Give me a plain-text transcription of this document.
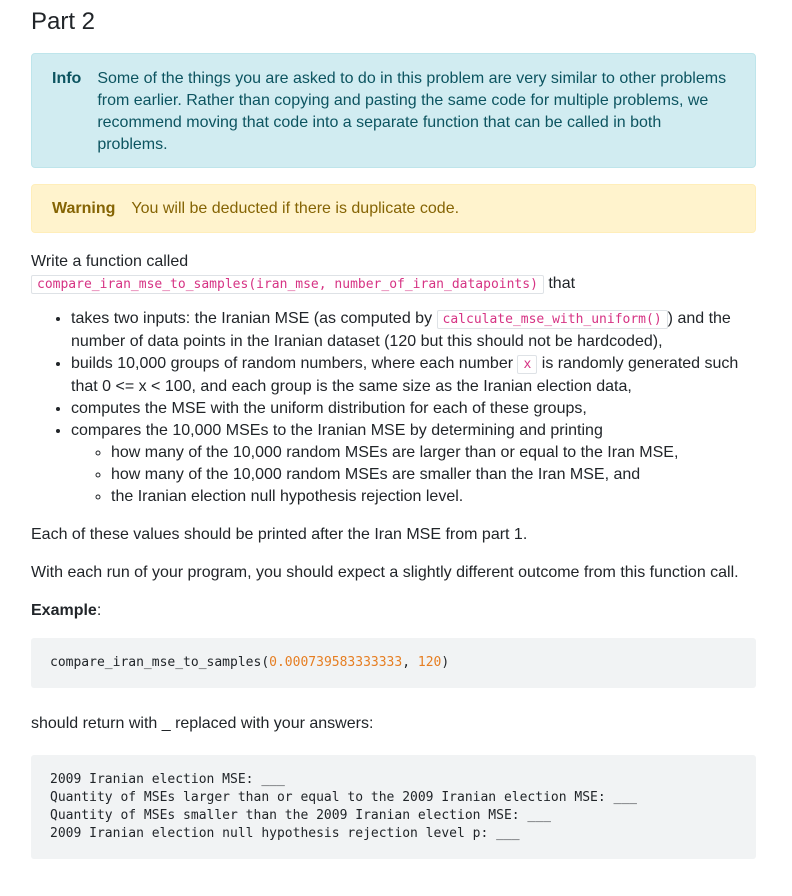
Part 2
Info Some of the things you are asked to do in this problem are very similar to other problems from earlier. Rather than copying and pasting the same code for multiple problems, we recommend moving that code into a separate function that can be called in both problems.
Warning You will be deducted if there is duplicate code.

Write a function called
compare_iran_mse_to_samples(iran_mse, number_of_iran_datapoints) that

• takes two inputs: the Iranian MSE (as computed by calculate_mse_with_uniform() ) and the number of data points in the Iranian dataset (120 but this should not be hardcoded),
• builds 10,000 groups of random numbers, where each number x is randomly generated such that 0 <= x < 100, and each group is the same size as the Iranian election data,
• computes the MSE with the uniform distribution for each of these groups,
• compares the 10,000 MSEs to the Iranian MSE by determining and printing
◦ how many of the 10,000 random MSEs are larger than or equal to the Iran MSE,
◦ how many of the 10,000 random MSEs are smaller than the Iran MSE, and
◦ the Iranian election null hypothesis rejection level.

Each of these values should be printed after the Iran MSE from part 1.

With each run of your program, you should expect a slightly different outcome from this function call.

Example:

compare_iran_mse_to_samples(0.000739583333333, 120)

should return with _ replaced with your answers:

2009 Iranian election MSE: ___
Quantity of MSEs larger than or equal to the 2009 Iranian election MSE: ___
Quantity of MSEs smaller than the 2009 Iranian election MSE: ___
2009 Iranian election null hypothesis rejection level p: ___
